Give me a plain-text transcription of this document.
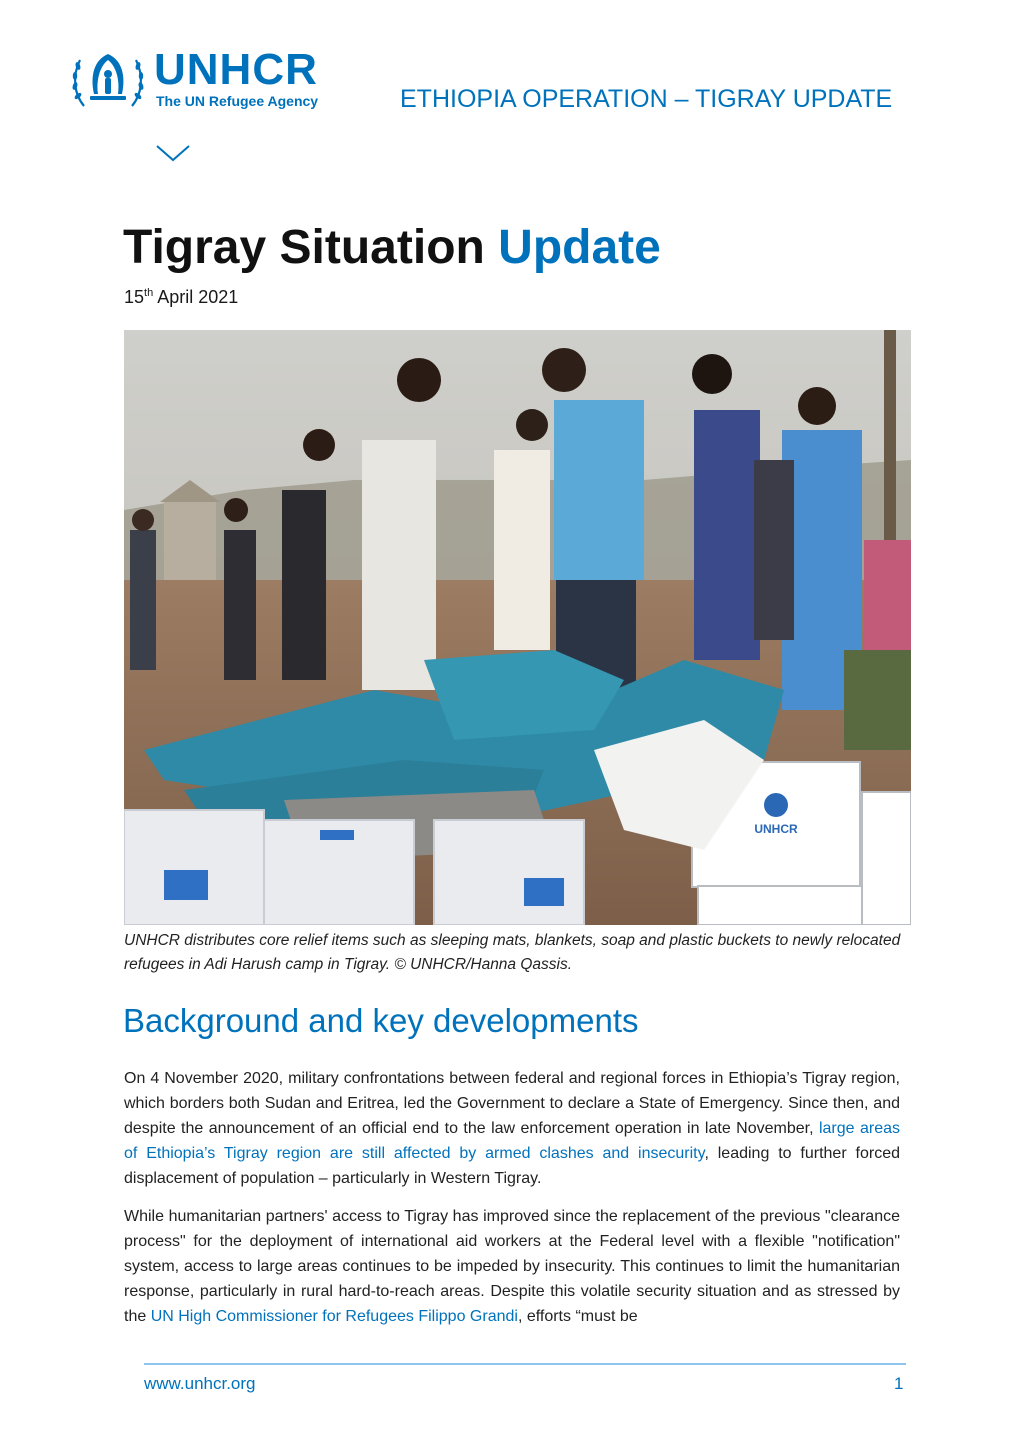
UNHCR
The UN Refugee Agency	ETHIOPIA OPERATION – TIGRAY UPDATE
Tigray Situation Update
15th April 2021
UNHCR
UNHCR distributes core relief items such as sleeping mats, blankets, soap and plastic buckets to newly relocated refugees in Adi Harush camp in Tigray. © UNHCR/Hanna Qassis.
Background and key developments

On 4 November 2020, military confrontations between federal and regional forces in Ethiopia’s Tigray region, which borders both Sudan and Eritrea, led the Government to declare a State of Emergency. Since then, and despite the announcement of an official end to the law enforcement operation in late November, large areas of Ethiopia’s Tigray region are still affected by armed clashes and insecurity, leading to further forced displacement of population – particularly in Western Tigray.

While humanitarian partners' access to Tigray has improved since the replacement of the previous "clearance process" for the deployment of international aid workers at the Federal level with a flexible "notification" system, access to large areas continues to be impeded by insecurity. This continues to limit the humanitarian response, particularly in rural hard-to-reach areas. Despite this volatile security situation and as stressed by the UN High Commissioner for Refugees Filippo Grandi, efforts “must be

www.unhcr.org	1
